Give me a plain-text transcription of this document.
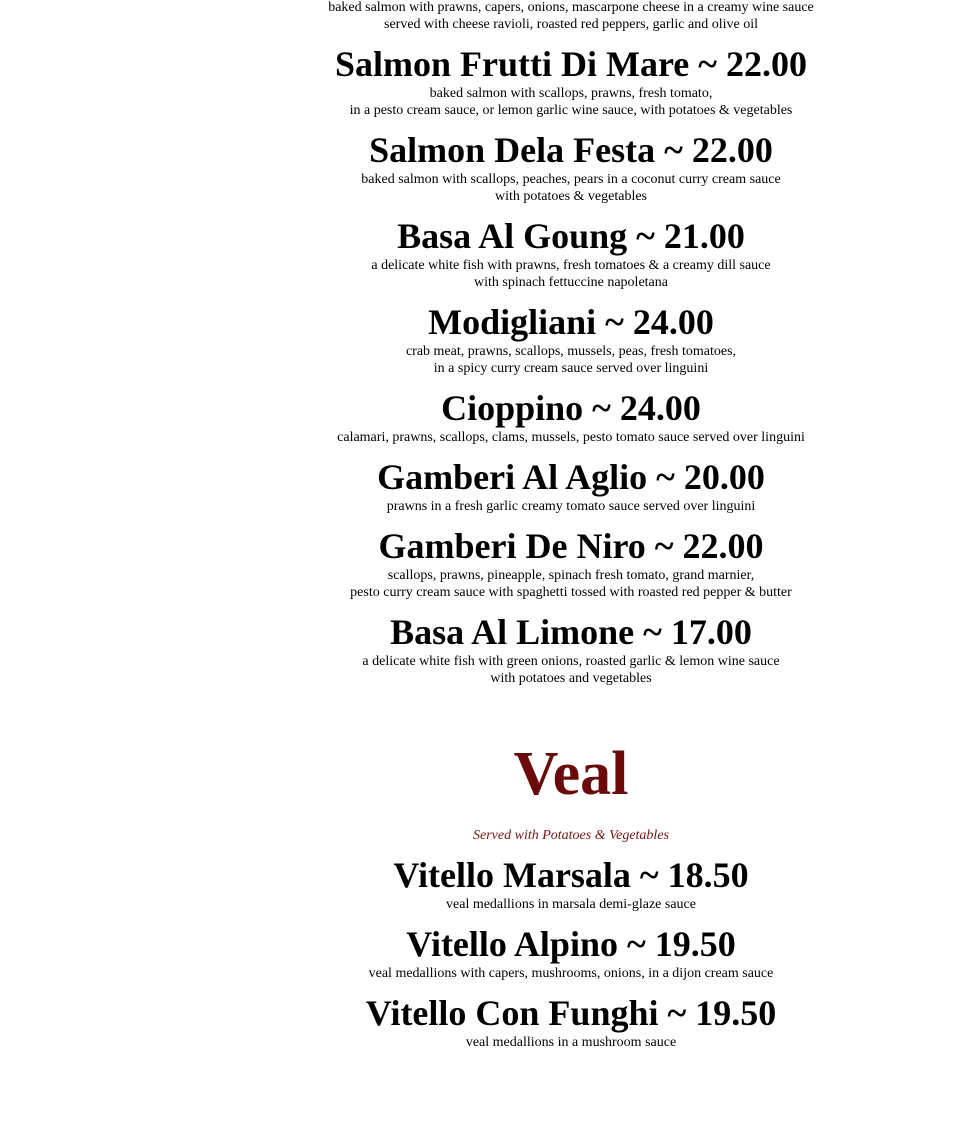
baked salmon with prawns, capers, onions, mascarpone cheese in a creamy wine sauce

served with cheese ravioli, roasted red peppers, garlic and olive oil

Salmon Frutti Di Mare ~ 22.00

baked salmon with scallops, prawns, fresh tomato,

in a pesto cream sauce, or lemon garlic wine sauce, with potatoes & vegetables

Salmon Dela Festa ~ 22.00

baked salmon with scallops, peaches, pears in a coconut curry cream sauce

with potatoes & vegetables

Basa Al Goung ~ 21.00

a delicate white fish with prawns, fresh tomatoes & a creamy dill sauce

with spinach fettuccine napoletana

Modigliani ~ 24.00

crab meat, prawns, scallops, mussels, peas, fresh tomatoes,

in a spicy curry cream sauce served over linguini

Cioppino ~ 24.00

calamari, prawns, scallops, clams, mussels, pesto tomato sauce served over linguini

Gamberi Al Aglio ~ 20.00

prawns in a fresh garlic creamy tomato sauce served over linguini

Gamberi De Niro ~ 22.00

scallops, prawns, pineapple, spinach fresh tomato, grand marnier,

pesto curry cream sauce with spaghetti tossed with roasted red pepper & butter

Basa Al Limone ~ 17.00

a delicate white fish with green onions, roasted garlic & lemon wine sauce

with potatoes and vegetables

Veal

Served with Potatoes & Vegetables

Vitello Marsala ~ 18.50

veal medallions in marsala demi-glaze sauce

Vitello Alpino ~ 19.50

veal medallions with capers, mushrooms, onions, in a dijon cream sauce

Vitello Con Funghi ~ 19.50

veal medallions in a mushroom sauce
